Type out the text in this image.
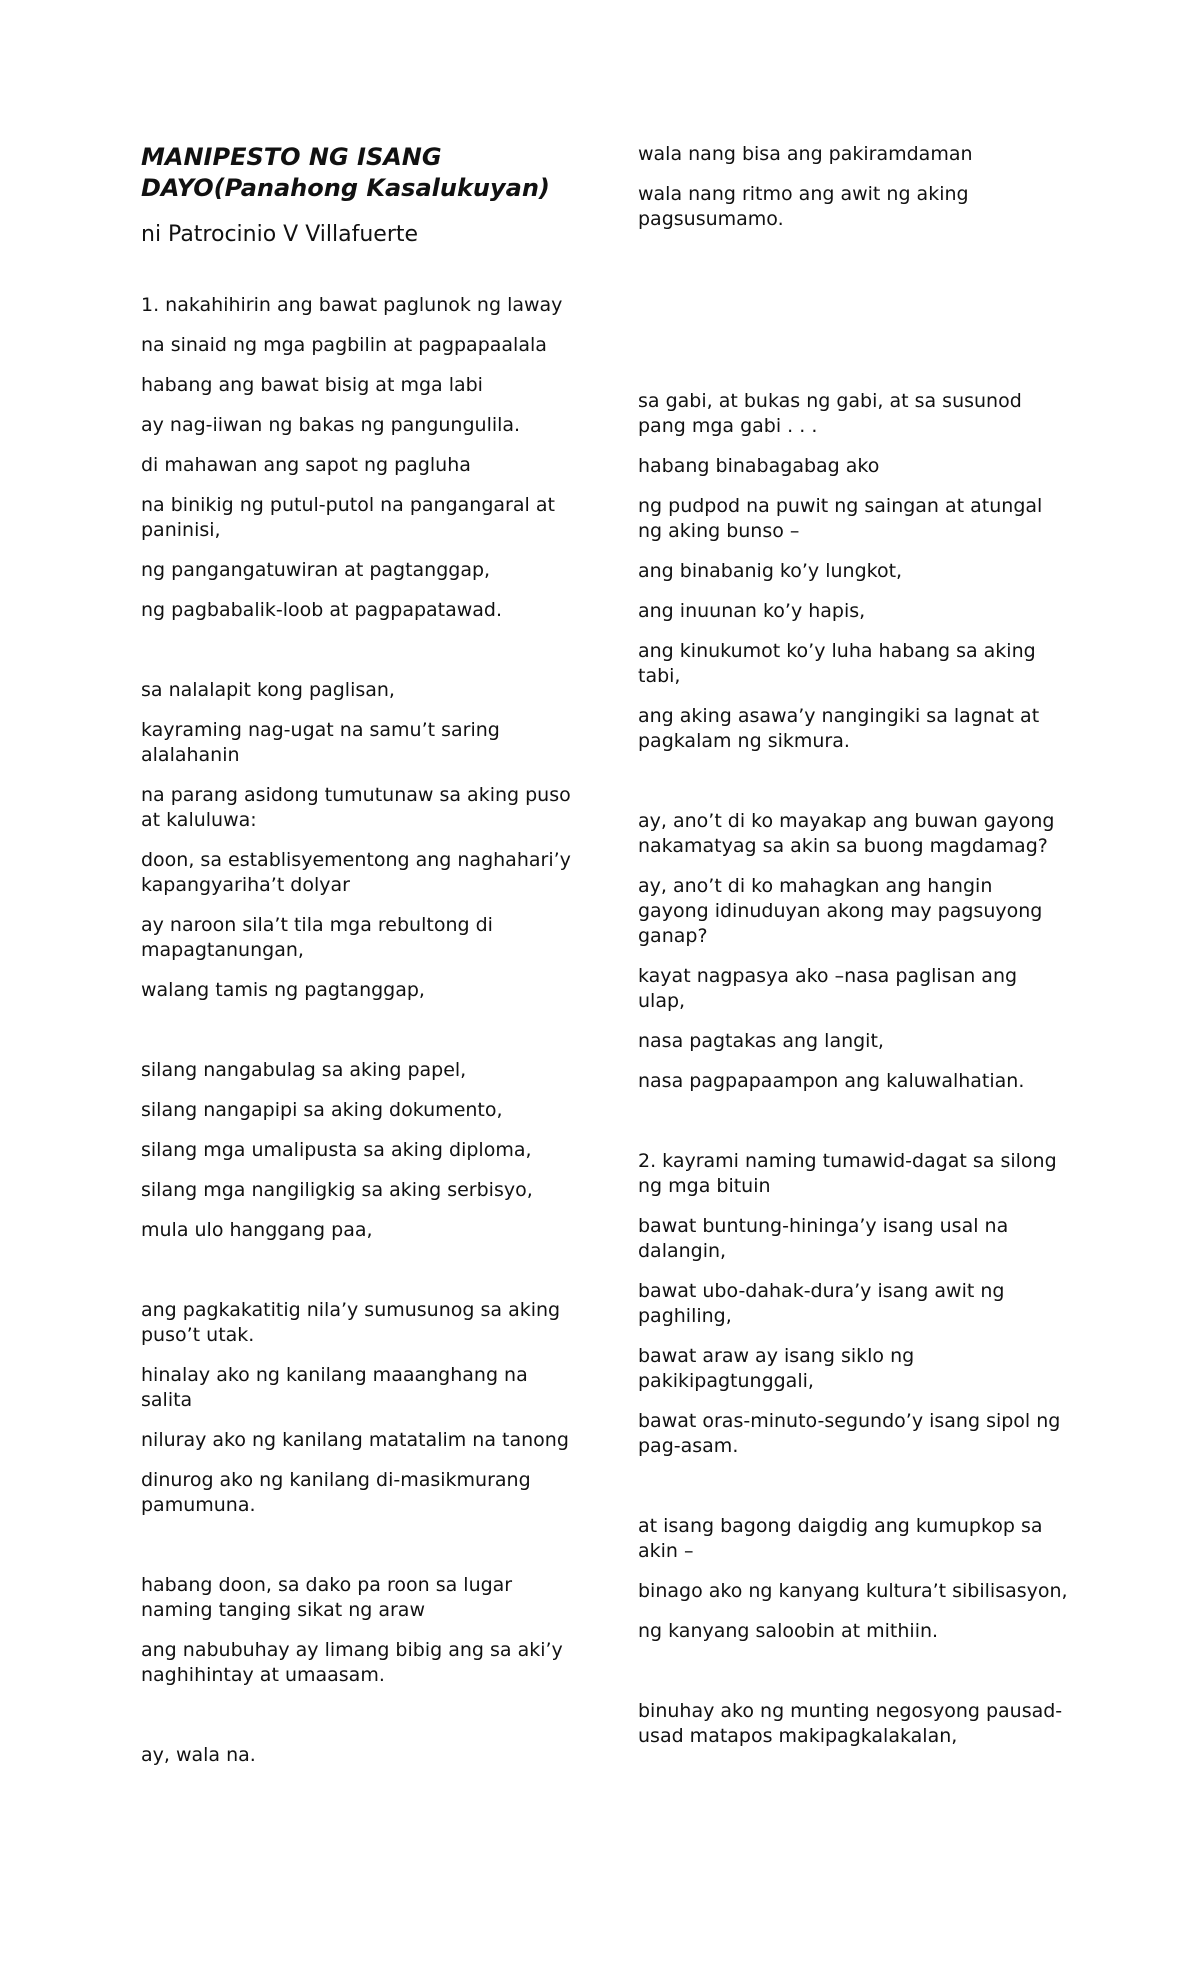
MANIPESTO NG ISANG DAYO(Panahong Kasalukuyan)

ni Patrocinio V Villafuerte

1. nakahihirin ang bawat paglunok ng laway

na sinaid ng mga pagbilin at pagpapaalala

habang ang bawat bisig at mga labi

ay nag-iiwan ng bakas ng pangungulila.

di mahawan ang sapot ng pagluha

na binikig ng putul-putol na pangangaral at paninisi,

ng pangangatuwiran at pagtanggap,

ng pagbabalik-loob at pagpapatawad.

sa nalalapit kong paglisan,

kayraming nag-ugat na samu’t saring alalahanin

na parang asidong tumutunaw sa aking puso at kaluluwa:

doon, sa establisyementong ang naghahari’y kapangyariha’t dolyar

ay naroon sila’t tila mga rebultong di mapagtanungan,

walang tamis ng pagtanggap,

silang nangabulag sa aking papel,

silang nangapipi sa aking dokumento,

silang mga umalipusta sa aking diploma,

silang mga nangiligkig sa aking serbisyo,

mula ulo hanggang paa,

ang pagkakatitig nila’y sumusunog sa aking puso’t utak.

hinalay ako ng kanilang maaanghang na salita

niluray ako ng kanilang matatalim na tanong

dinurog ako ng kanilang di-masikmurang pamumuna.

habang doon, sa dako pa roon sa lugar naming tanging sikat ng araw

ang nabubuhay ay limang bibig ang sa aki’y naghihintay at umaasam.

ay, wala na.

wala nang bisa ang pakiramdaman

wala nang ritmo ang awit ng aking pagsusumamo.

sa gabi, at bukas ng gabi, at sa susunod pang mga gabi . . .

habang binabagabag ako

ng pudpod na puwit ng saingan at atungal ng aking bunso –

ang binabanig ko’y lungkot,

ang inuunan ko’y hapis,

ang kinukumot ko’y luha habang sa aking tabi,

ang aking asawa’y nangingiki sa lagnat at pagkalam ng sikmura.

ay, ano’t di ko mayakap ang buwan gayong nakamatyag sa akin sa buong magdamag?

ay, ano’t di ko mahagkan ang hangin gayong idinuduyan akong may pagsuyong ganap?

kayat nagpasya ako –nasa paglisan ang ulap,

nasa pagtakas ang langit,

nasa pagpapaampon ang kaluwalhatian.

2. kayrami naming tumawid-dagat sa silong ng mga bituin

bawat buntung-hininga’y isang usal na dalangin,

bawat ubo-dahak-dura’y isang awit ng paghiling,

bawat araw ay isang siklo ng pakikipagtunggali,

bawat oras-minuto-segundo’y isang sipol ng pag-asam.

at isang bagong daigdig ang kumupkop sa akin –

binago ako ng kanyang kultura’t sibilisasyon,

ng kanyang saloobin at mithiin.

binuhay ako ng munting negosyong pausad-usad matapos makipagkalakalan,
